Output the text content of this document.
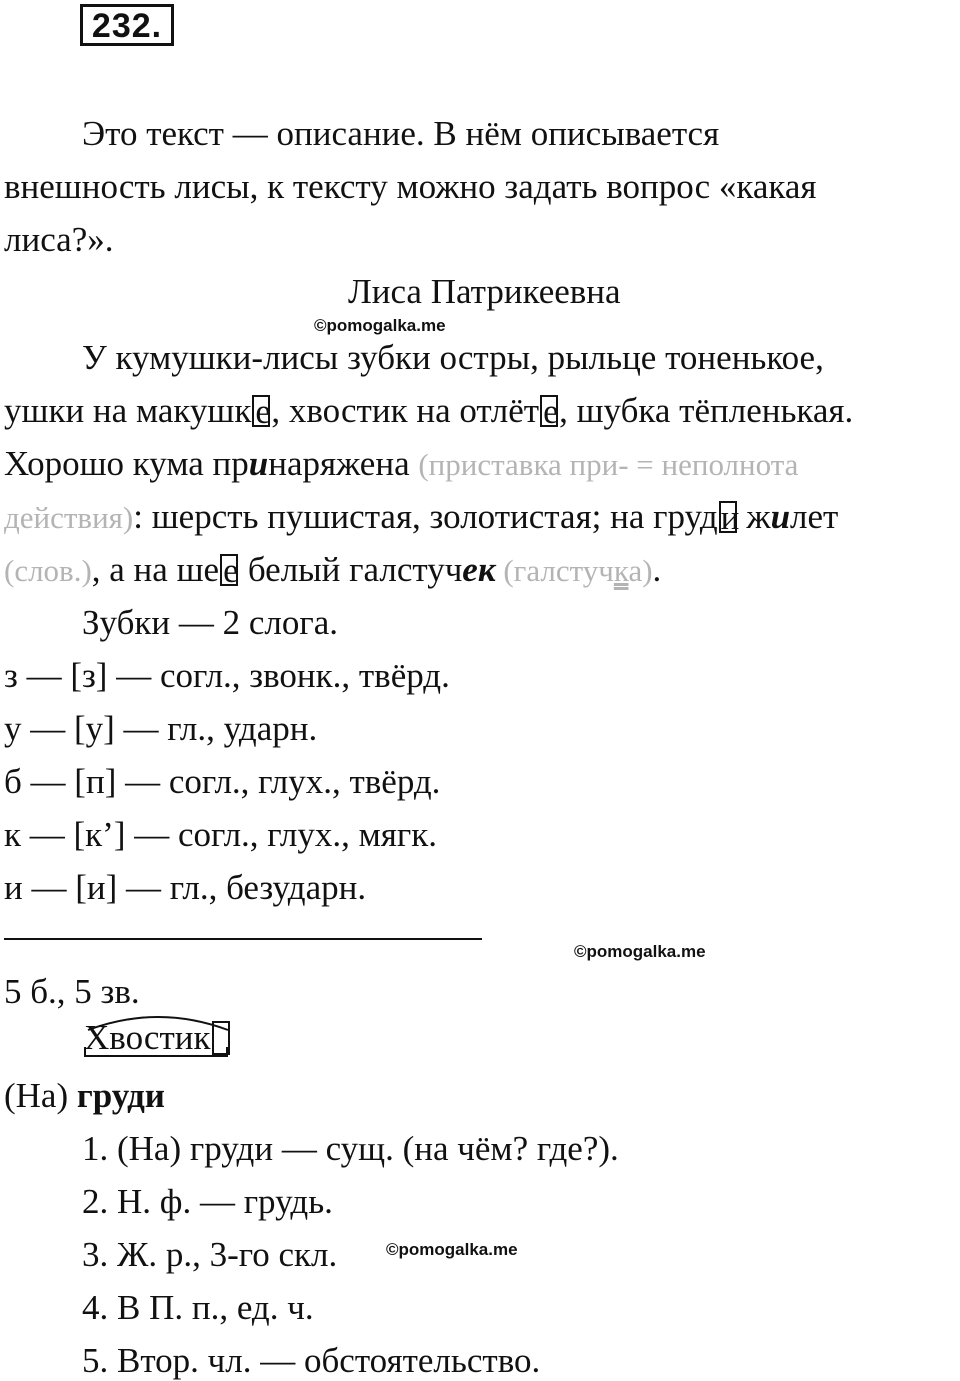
232.
Это текст — описание. В нём описывается
внешность лисы, к тексту можно задать вопрос «какая
лиса?».
Лиса Патрикеевна
©pomogalka.me
У кумушки-лисы зубки остры, рыльце тоненькое,
ушки на макушк е, хвостик на отлёт е, шубка тёпленькая.
Хорошо кума принаряжена (приставка при- = неполнота
действия): шерсть пушистая, золотистая; на груди жилет
(слов.), а на ше е белый галстучек (галстучка).
Зубки — 2 слога.
з — [з] — согл., звонк., твёрд.
у — [у] — гл., ударн.
б — [п] — согл., глух., твёрд.
к — [к’] — согл., глух., мягк.
и — [и] — гл., безударн.
©pomogalka.me
5 б., 5 зв.
Хвостик
(На) груди
1. (На) груди — сущ. (на чём? где?).
2. Н. ф. — грудь.
3. Ж. р., 3-го скл.	©pomogalka.me
4. В П. п., ед. ч.
5. Втор. чл. — обстоятельство.
